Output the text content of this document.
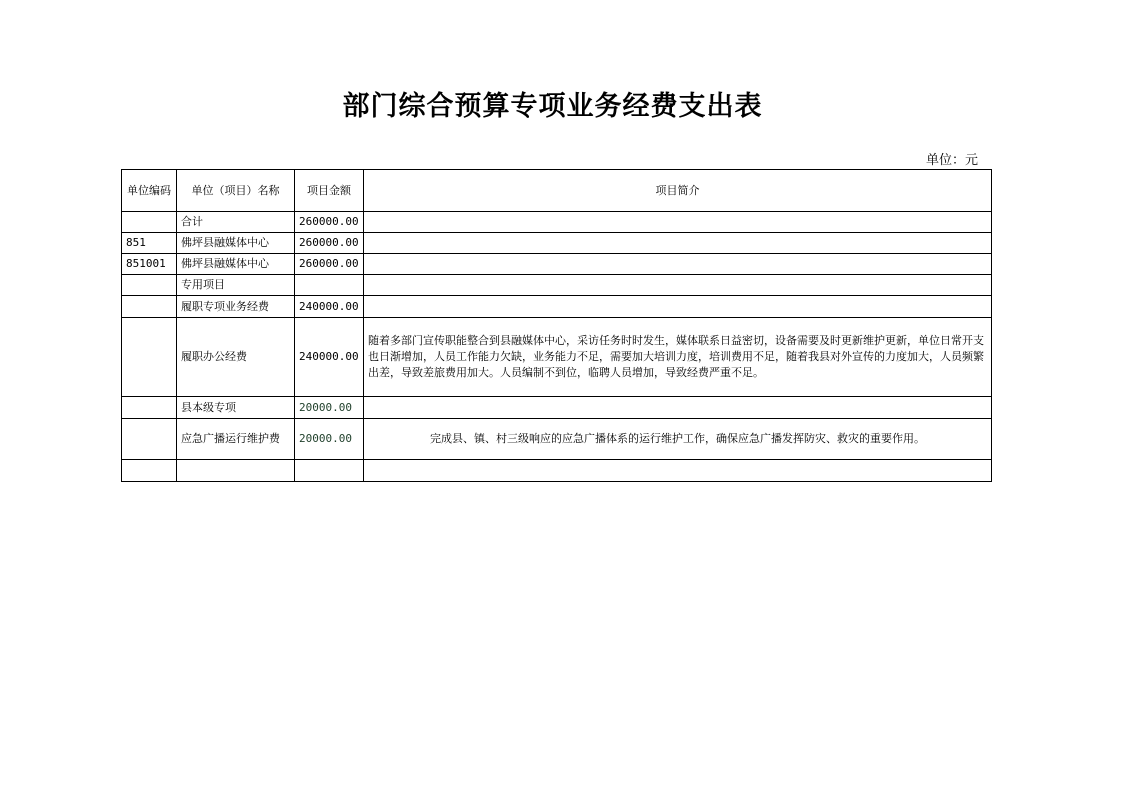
部门综合预算专项业务经费支出表
单位：元
单位编码	单位（项目）名称	项目金额	项目简介
	合计	260000.00	
851	佛坪县融媒体中心	260000.00	
851001	佛坪县融媒体中心	260000.00	
	专用项目		
	履职专项业务经费	240000.00	
	履职办公经费	240000.00	随着多部门宣传职能整合到县融媒体中心，采访任务时时发生，媒体联系日益密切，设备需要及时更新维护更新，单位日常开支也日渐增加，人员工作能力欠缺，业务能力不足，需要加大培训力度，培训费用不足，随着我县对外宣传的力度加大，人员频繁出差，导致差旅费用加大。人员编制不到位，临聘人员增加，导致经费严重不足。
	县本级专项	20000.00	
	应急广播运行维护费	20000.00	完成县、镇、村三级响应的应急广播体系的运行维护工作，确保应急广播发挥防灾、救灾的重要作用。
